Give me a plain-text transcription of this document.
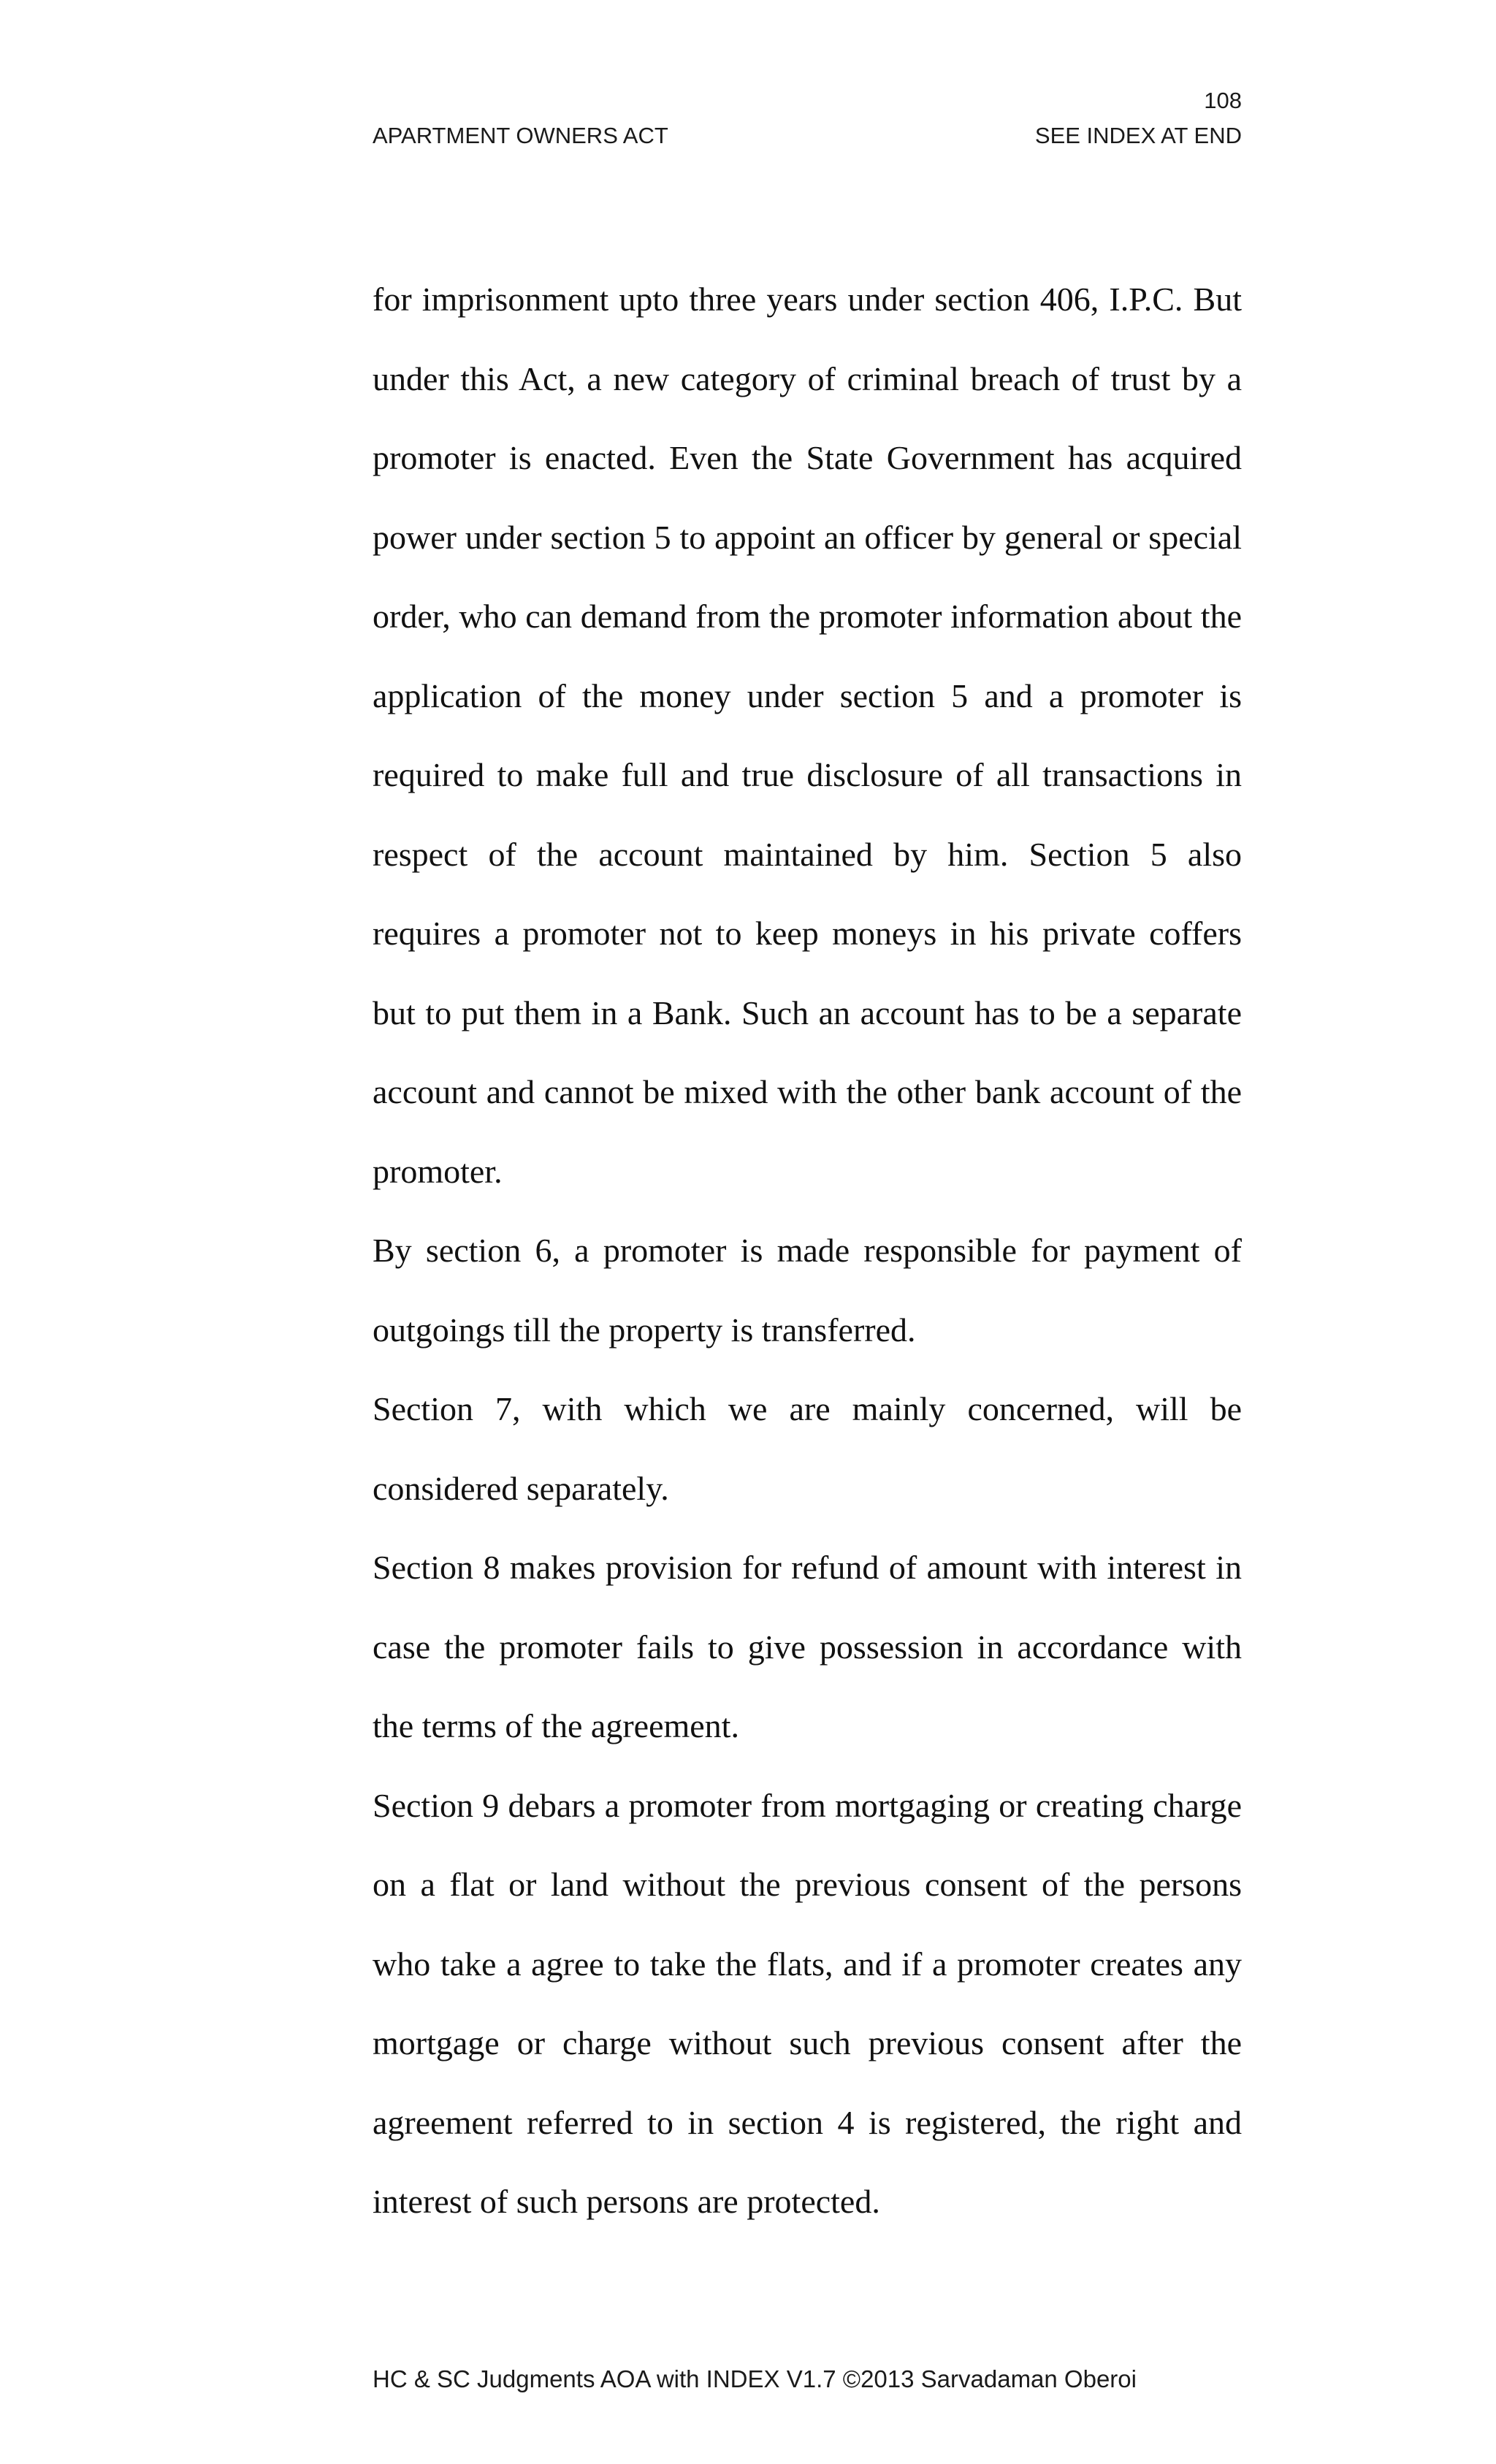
108
APARTMENT OWNERS ACT	SEE INDEX AT END

for imprisonment upto three years under section 406, I.P.C. But under this Act, a new category of criminal breach of trust by a promoter is enacted. Even the State Government has acquired power under section 5 to appoint an officer by general or special order, who can demand from the promoter information about the application of the money under section 5 and a promoter is required to make full and true disclosure of all transactions in respect of the account maintained by him. Section 5 also requires a promoter not to keep moneys in his private coffers but to put them in a Bank. Such an account has to be a separate account and cannot be mixed with the other bank account of the promoter.

By section 6, a promoter is made responsible for payment of outgoings till the property is transferred.

Section 7, with which we are mainly concerned, will be considered separately.

Section 8 makes provision for refund of amount with interest in case the promoter fails to give possession in accordance with the terms of the agreement.

Section 9 debars a promoter from mortgaging or creating charge on a flat or land without the previous consent of the persons who take a agree to take the flats, and if a promoter creates any mortgage or charge without such previous consent after the agreement referred to in section 4 is registered, the right and interest of such persons are protected.

HC & SC Judgments AOA with INDEX V1.7 ©2013 Sarvadaman Oberoi
